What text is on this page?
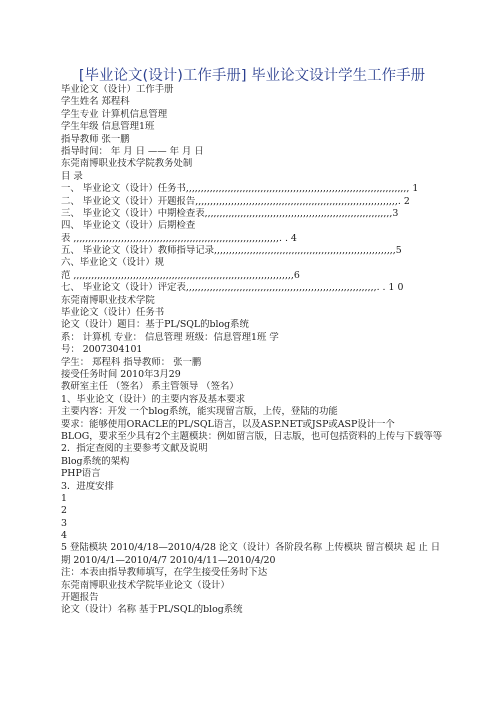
[毕业论文(设计)工作手册] 毕业论文设计学生工作手册
毕业论文（设计）工作手册
学生姓名 郑程科
学生专业 计算机信息管理
学生年级 信息管理1班
指导教师 张一鹏
指导时间： 年 月 日 —— 年 月 日
东莞南博职业技术学院教务处制
目 录
一、 毕业论文（设计）任务书,,,,,,,,,,,,,,,,,,,,,,,,,,,,,,,,,,,,,,,,,,,,,,,,,,,,,,,,,,,,,,,,,,,,,,,,,,, 1
二、 毕业论文（设计）开题报告,,,,,,,,,,,,,,,,,,,,,,,,,,,,,,,,,,,,,,,,,,,,,,,,,,,,,,,,,,,,,,,,,,,,. 2
三、 毕业论文（设计）中期检查表,,,,,,,,,,,,,,,,,,,,,,,,,,,,,,,,,,,,,,,,,,,,,,,,,,,,,,,,,,,,,,,3
四、 毕业论文（设计）后期检查
表 ,,,,,,,,,,,,,,,,,,,,,,,,,,,,,,,,,,,,,,,,,,,,,,,,,,,,,,,,,,,,,,,,,,,,,. . 4
五、 毕业论文（设计）教师指导记录,,,,,,,,,,,,,,,,,,,,,,,,,,,,,,,,,,,,,,,,,,,,,,,,,,,,,,,,,,,,,5
六、毕业论文（设计）规
范 ,,,,,,,,,,,,,,,,,,,,,,,,,,,,,,,,,,,,,,,,,,,,,,,,,,,,,,,,,,,,,,,,,,,,,,,,,,6
七、 毕业论文（设计）评定表,,,,,,,,,,,,,,,,,,,,,,,,,,,,,,,,,,,,,,,,,,,,,,,,,,,,,,,,,,,,,,,,. . 1 0
东莞南博职业技术学院
毕业论文（设计）任务书
论文（设计）题目：基于PL/SQL的blog系统
系： 计算机 专业： 信息管理 班级：信息管理1班 学
号： 2007304101
学生： 郑程科 指导教师： 张一鹏
接受任务时间 2010年3月29
教研室主任 （签名） 系主管领导 （签名）
1、毕业论文（设计）的主要内容及基本要求
主要内容：开发 一个blog系统，能实现留言版，上传，登陆的功能
要求：能够使用ORACLE的PL/SQL语言，以及ASP.NET或JSP或ASP设计一个
BLOG，要求至少具有2个主题模块：例如留言版，日志版，也可包括资料的上传与下载等等
2．指定查阅的主要参考文献及说明
Blog系统的架构
PHP语言
3．进度安排
1
2
3
4
5 登陆模块 2010/4/18—2010/4/28 论文（设计）各阶段名称 上传模块 留言模块 起 止 日
期 2010/4/1—2010/4/7 2010/4/11—2010/4/20
注：本表由指导教师填写，在学生接受任务时下达
东莞南博职业技术学院毕业论文（设计）
开题报告
论文（设计）名称 基于PL/SQL的blog系统
